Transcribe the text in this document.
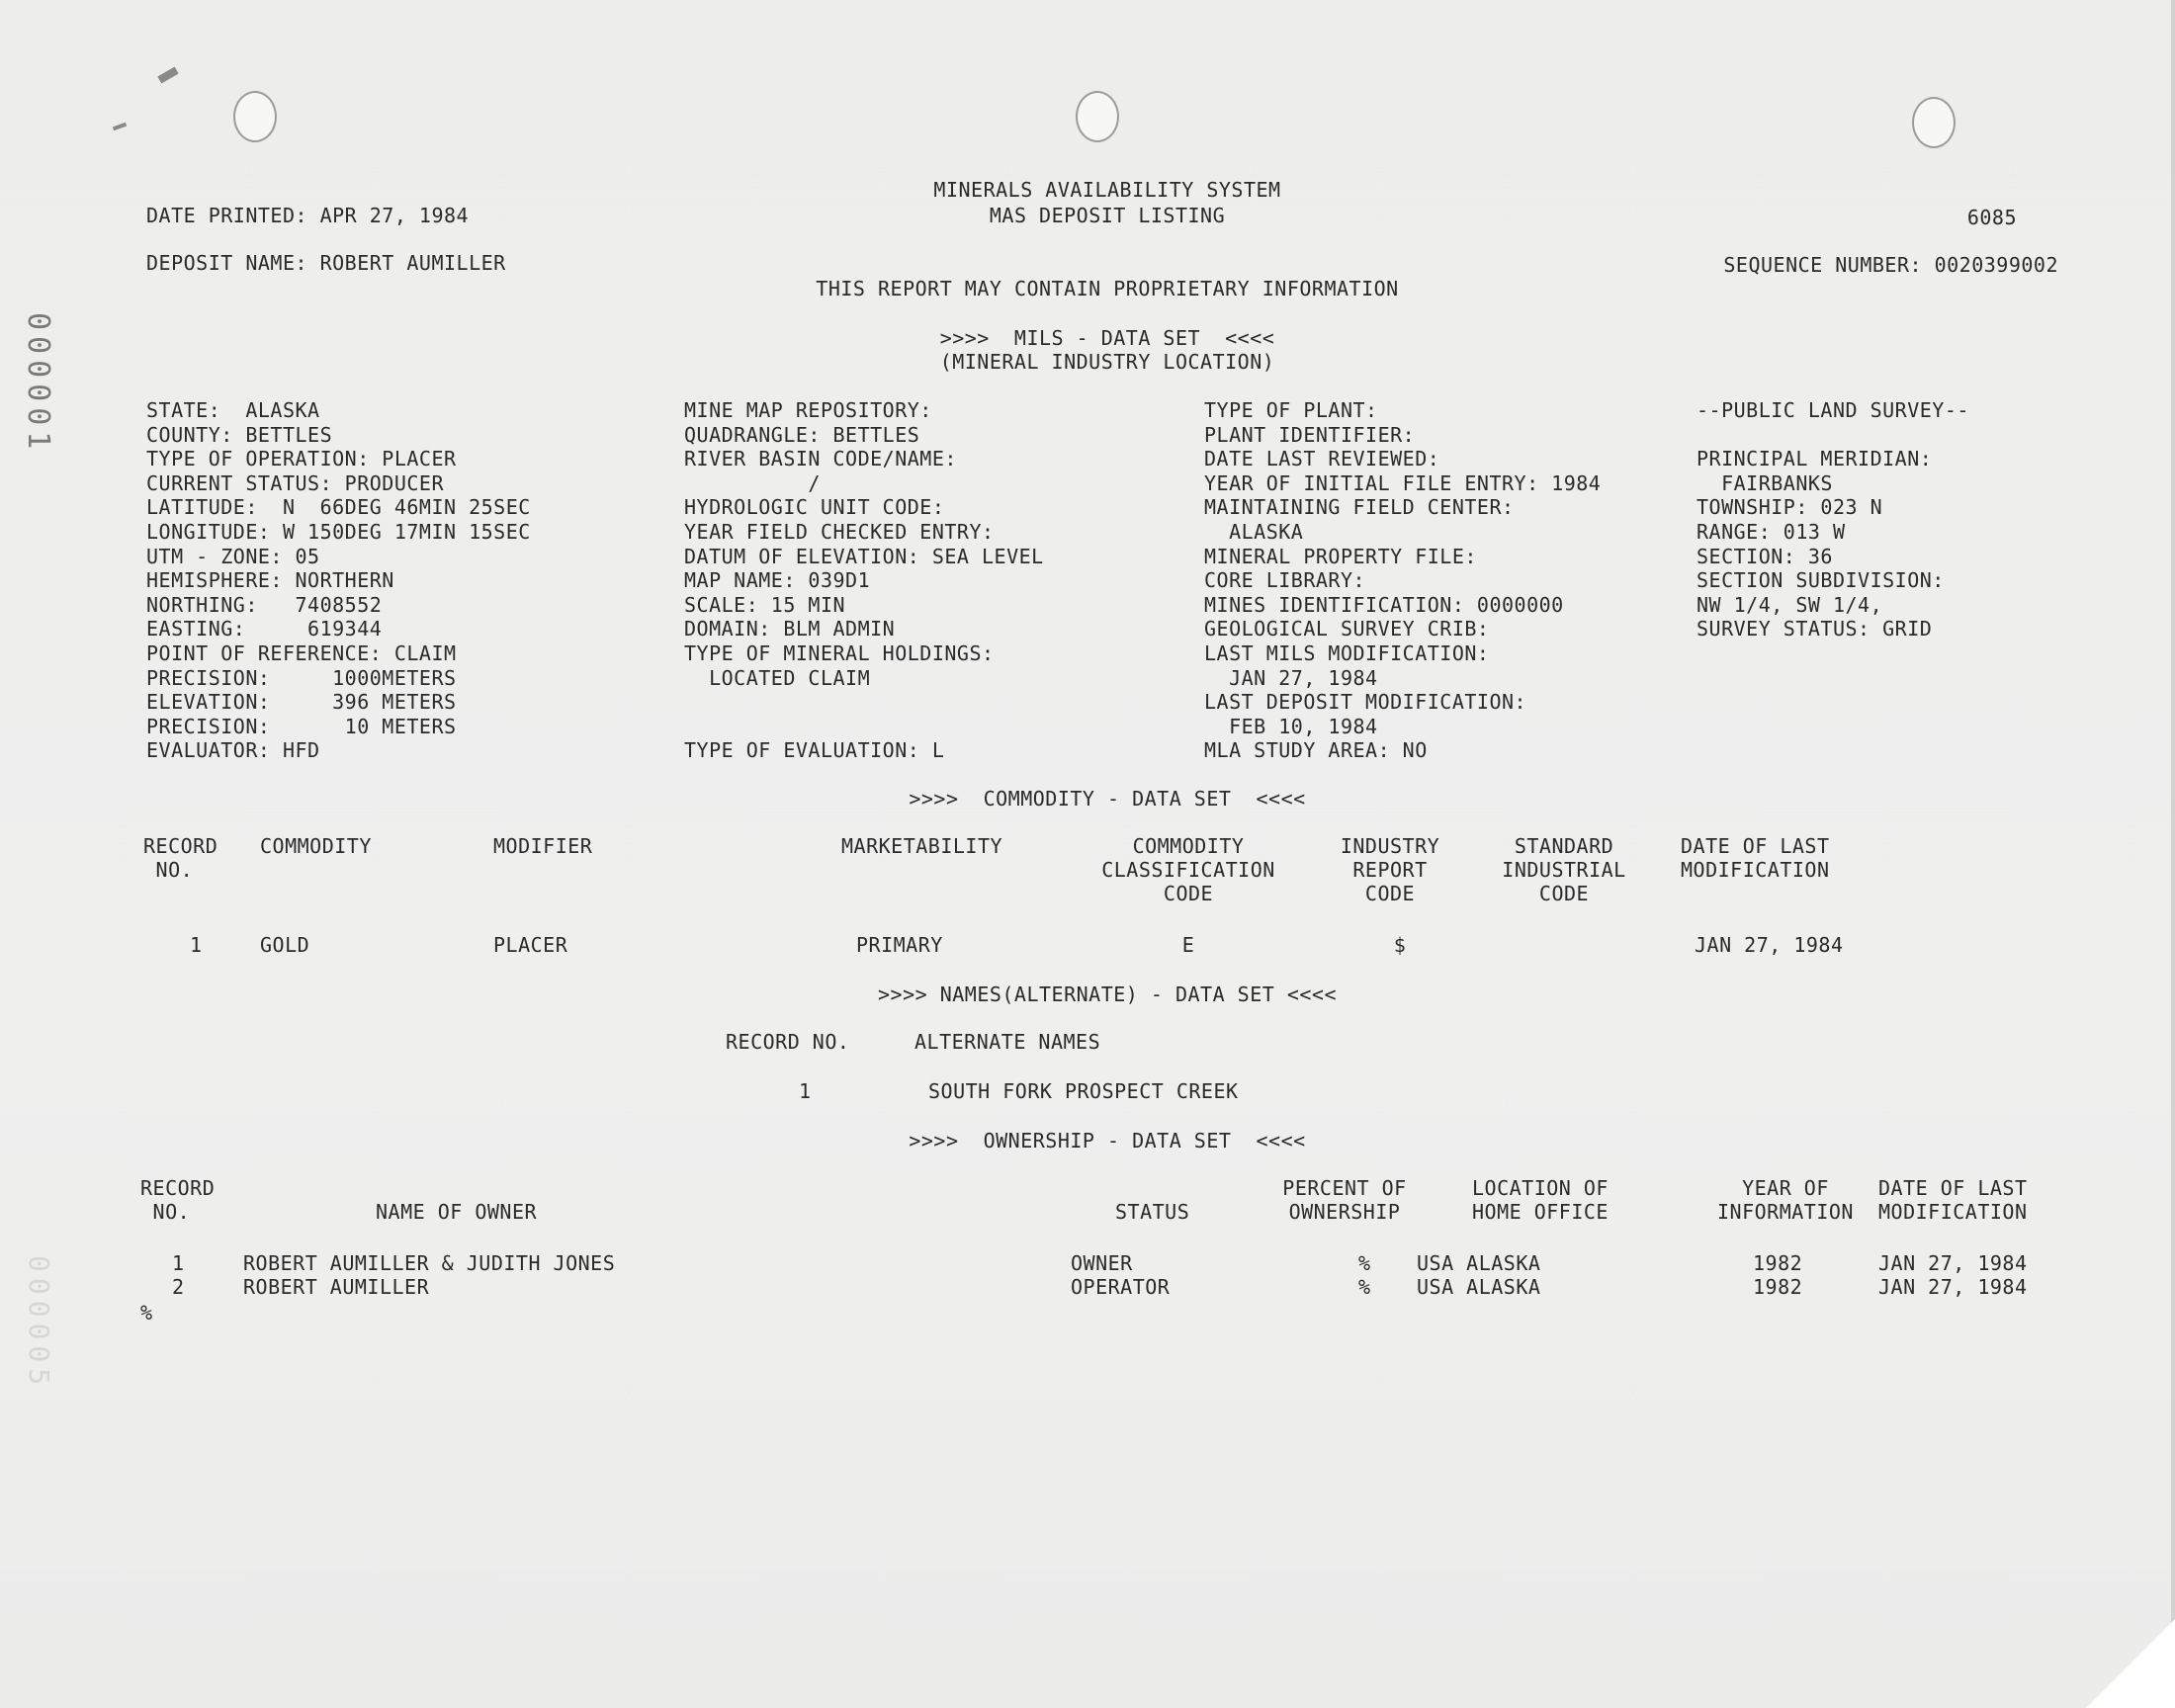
000001
000005
DATE PRINTED: APR 27, 1984
MINERALS AVAILABILITY SYSTEM
MAS DEPOSIT LISTING	6085
DEPOSIT NAME: ROBERT AUMILLER	SEQUENCE NUMBER: 0020399002
THIS REPORT MAY CONTAIN PROPRIETARY INFORMATION
>>>>  MILS - DATA SET  <<<<
(MINERAL INDUSTRY LOCATION)
STATE:  ALASKA
COUNTY: BETTLES
TYPE OF OPERATION: PLACER
CURRENT STATUS: PRODUCER
LATITUDE:  N  66DEG 46MIN 25SEC
LONGITUDE: W 150DEG 17MIN 15SEC
UTM - ZONE: 05
HEMISPHERE: NORTHERN
NORTHING:   7408552
EASTING:     619344
POINT OF REFERENCE: CLAIM
PRECISION:     1000METERS
ELEVATION:     396 METERS
PRECISION:      10 METERS
EVALUATOR: HFD
MINE MAP REPOSITORY:
QUADRANGLE: BETTLES
RIVER BASIN CODE/NAME:
/
HYDROLOGIC UNIT CODE:
YEAR FIELD CHECKED ENTRY:
DATUM OF ELEVATION: SEA LEVEL
MAP NAME: 039D1
SCALE: 15 MIN
DOMAIN: BLM ADMIN
TYPE OF MINERAL HOLDINGS:
LOCATED CLAIM
TYPE OF EVALUATION: L
TYPE OF PLANT:
PLANT IDENTIFIER:
DATE LAST REVIEWED:
YEAR OF INITIAL FILE ENTRY: 1984
MAINTAINING FIELD CENTER:
ALASKA
MINERAL PROPERTY FILE:
CORE LIBRARY:
MINES IDENTIFICATION: 0000000
GEOLOGICAL SURVEY CRIB:
LAST MILS MODIFICATION:
JAN 27, 1984
LAST DEPOSIT MODIFICATION:
FEB 10, 1984
MLA STUDY AREA: NO
--PUBLIC LAND SURVEY--
PRINCIPAL MERIDIAN:
FAIRBANKS
TOWNSHIP: 023 N
RANGE: 013 W
SECTION: 36
SECTION SUBDIVISION:
NW 1/4, SW 1/4,
SURVEY STATUS: GRID
>>>>  COMMODITY - DATA SET  <<<<
RECORD
NO.
COMMODITY	MODIFIER	MARKETABILITY	COMMODITY
CLASSIFICATION
CODE
INDUSTRY
REPORT
CODE
STANDARD
INDUSTRIAL
CODE
DATE OF LAST
MODIFICATION
1	GOLD	PLACER	PRIMARY	E	$	JAN 27, 1984
>>>> NAMES(ALTERNATE) - DATA SET <<<<
RECORD NO.	ALTERNATE NAMES
1	SOUTH FORK PROSPECT CREEK
>>>>  OWNERSHIP - DATA SET  <<<<
RECORD
NO.	NAME OF OWNER	STATUS
PERCENT OF
OWNERSHIP
LOCATION OF
HOME OFFICE
YEAR OF
INFORMATION
DATE OF LAST
MODIFICATION
1	ROBERT AUMILLER & JUDITH JONES	OWNER	% USA ALASKA	1982	JAN 27, 1984
2	ROBERT AUMILLER	OPERATOR	% USA ALASKA	1982	JAN 27, 1984
%
